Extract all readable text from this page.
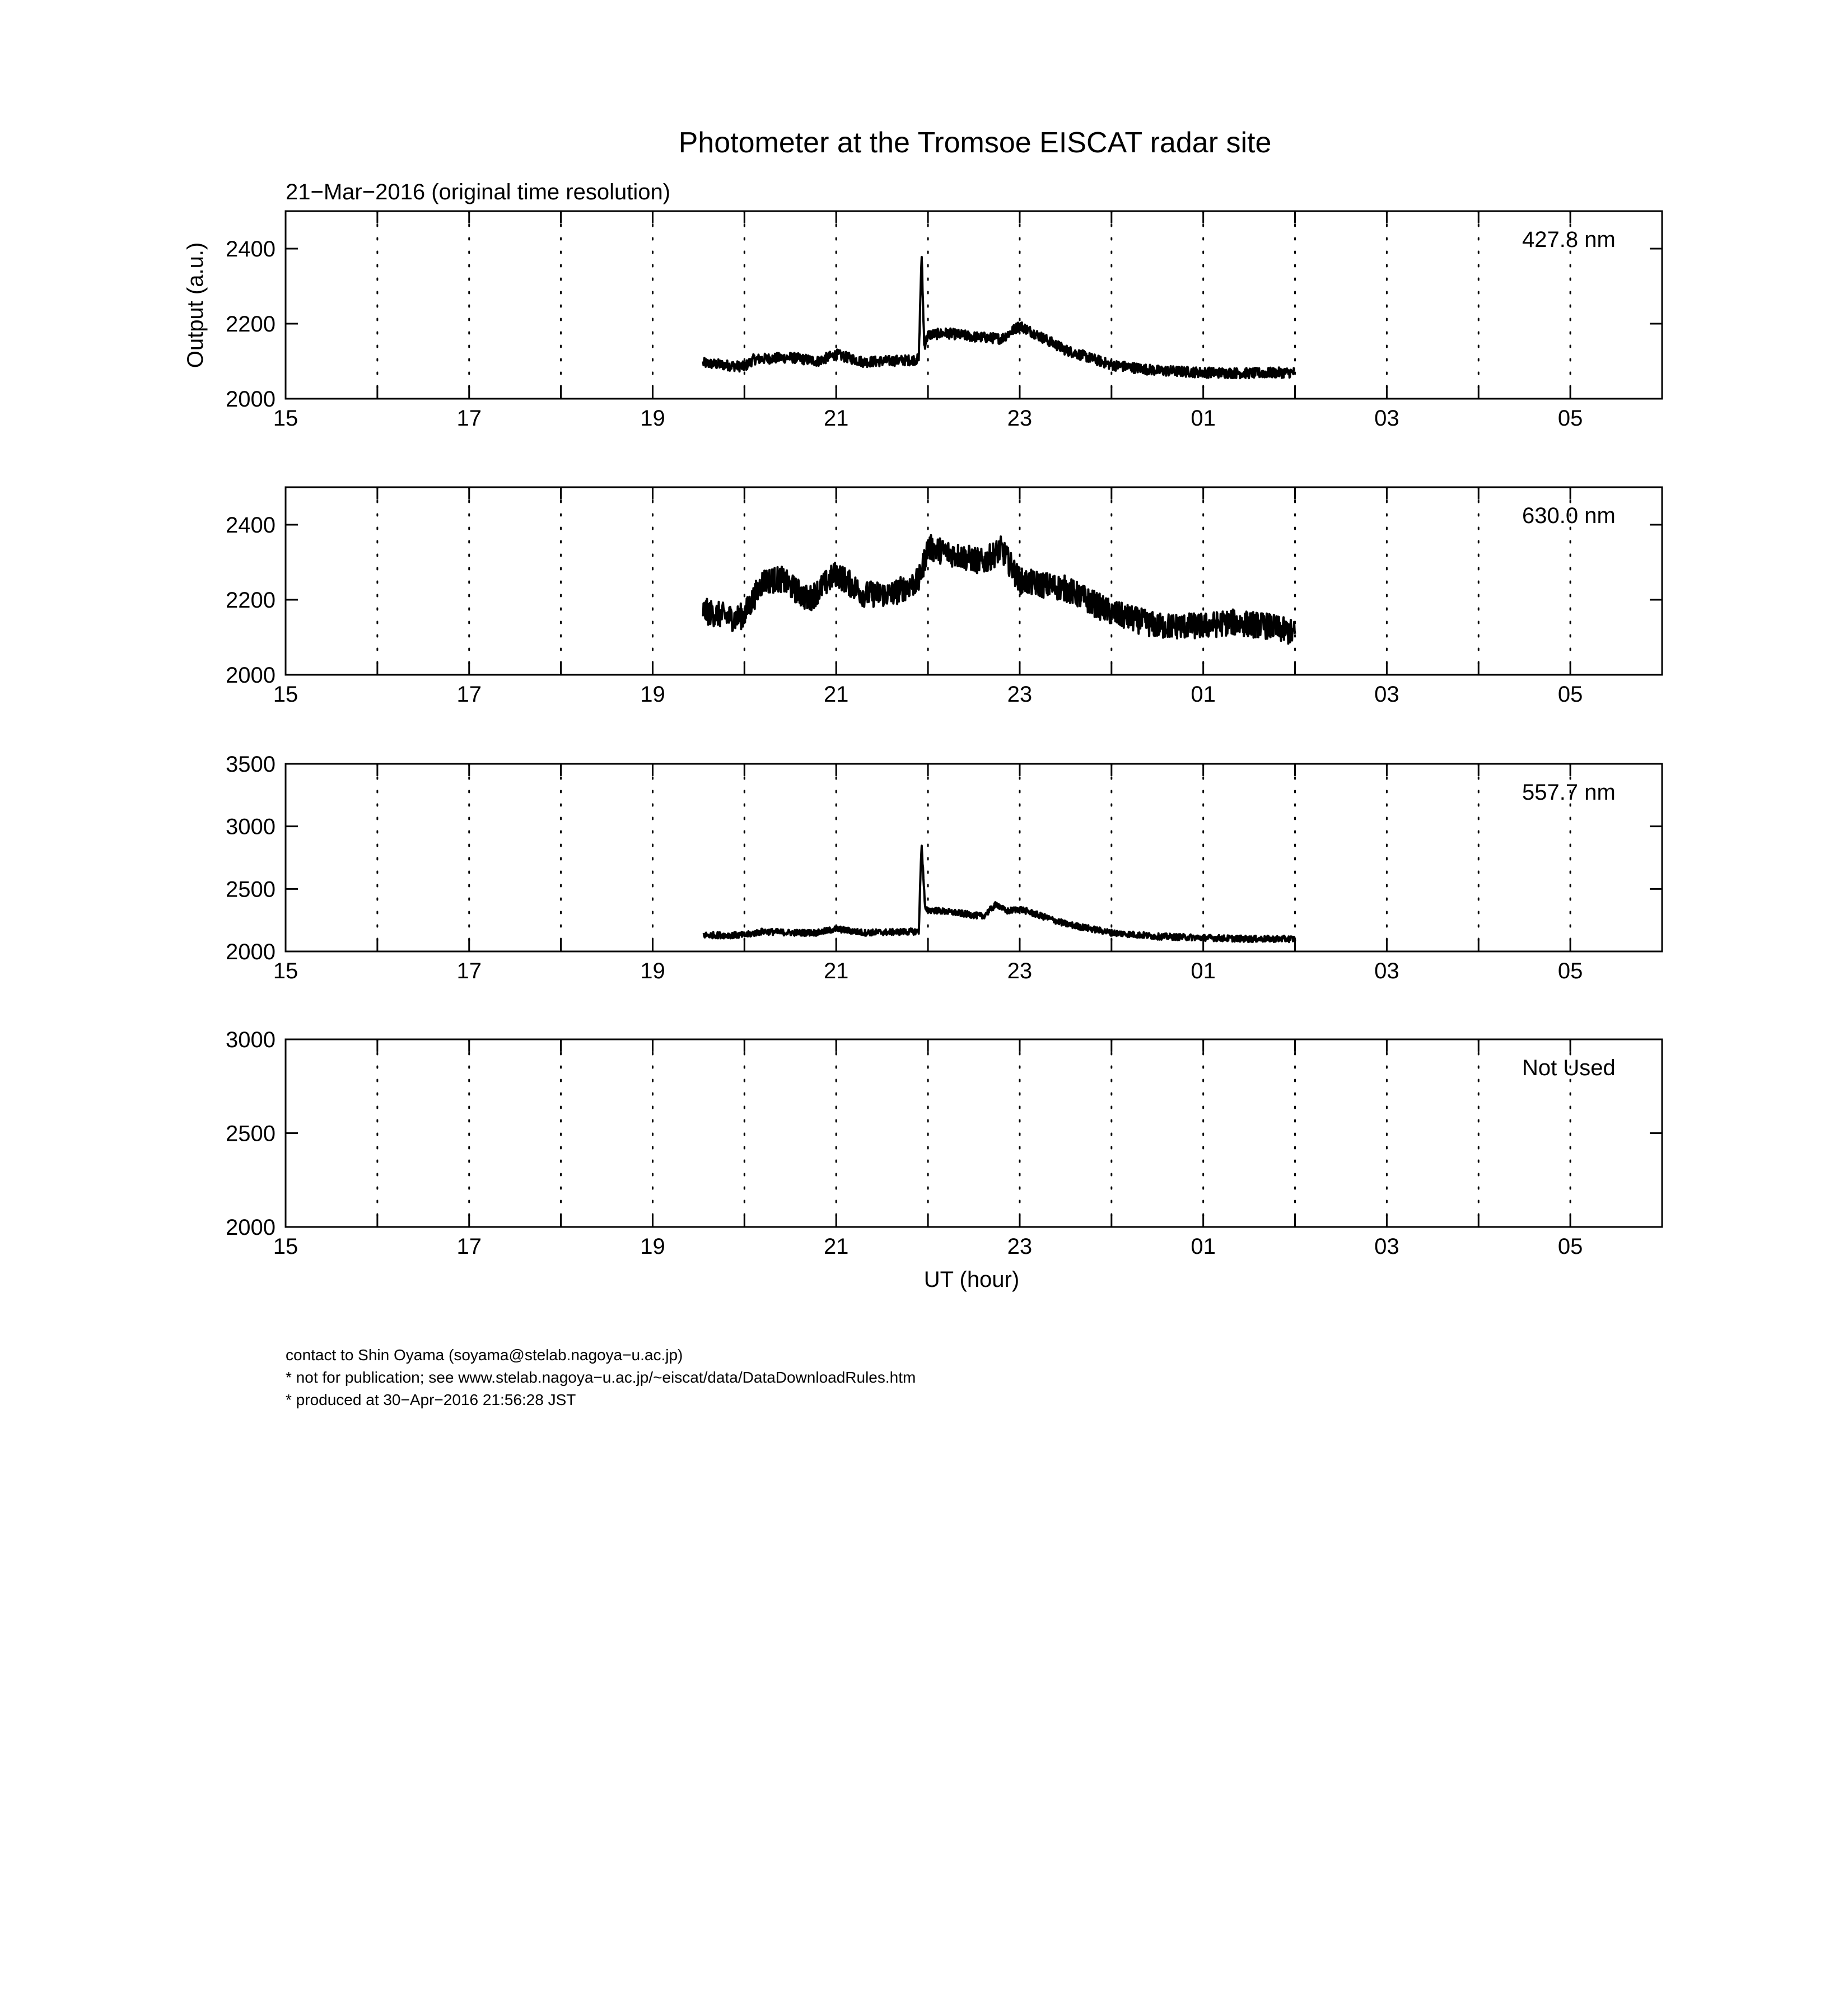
Photometer at the Tromsoe EISCAT radar site
21−Mar−2016 (original time resolution)
Output (a.u.)
UT (hour)
15	17	19	21	23	01	03	05
2000
2200
2400	427.8 nm
15	17	19	21	23	01	03	05
2000
2200
2400	630.0 nm
15	17	19	21	23	01	03	05
2000
2500
3000
3500
557.7 nm
15	17	19	21	23	01	03	05
2000
2500
3000
Not Used
contact to Shin Oyama (soyama@stelab.nagoya−u.ac.jp)
* not for publication; see www.stelab.nagoya−u.ac.jp/~eiscat/data/DataDownloadRules.htm
* produced at 30−Apr−2016 21:56:28 JST
